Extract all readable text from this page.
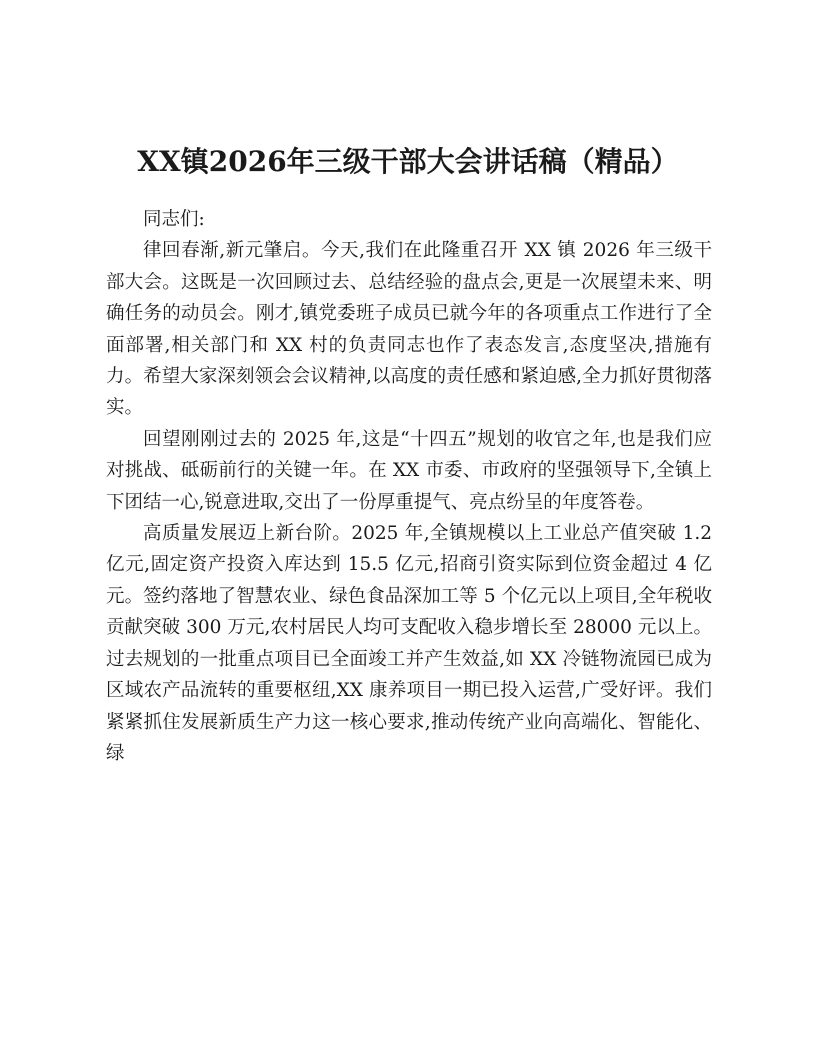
XX镇2026年三级干部大会讲话稿（精品）

同志们:

律回春渐,新元肇启。今天,我们在此隆重召开 XX 镇 2026 年三级干部大会。这既是一次回顾过去、总结经验的盘点会,更是一次展望未来、明确任务的动员会。刚才,镇党委班子成员已就今年的各项重点工作进行了全面部署,相关部门和 XX 村的负责同志也作了表态发言,态度坚决,措施有力。希望大家深刻领会会议精神,以高度的责任感和紧迫感,全力抓好贯彻落实。

回望刚刚过去的 2025 年,这是“十四五”规划的收官之年,也是我们应对挑战、砥砺前行的关键一年。在 XX 市委、市政府的坚强领导下,全镇上下团结一心,锐意进取,交出了一份厚重提气、亮点纷呈的年度答卷。

高质量发展迈上新台阶。2025 年,全镇规模以上工业总产值突破 1.2 亿元,固定资产投资入库达到 15.5 亿元,招商引资实际到位资金超过 4 亿元。签约落地了智慧农业、绿色食品深加工等 5 个亿元以上项目,全年税收贡献突破 300 万元,农村居民人均可支配收入稳步增长至 28000 元以上。过去规划的一批重点项目已全面竣工并产生效益,如 XX 冷链物流园已成为区域农产品流转的重要枢纽,XX 康养项目一期已投入运营,广受好评。我们紧紧抓住发展新质生产力这一核心要求,推动传统产业向高端化、智能化、绿
